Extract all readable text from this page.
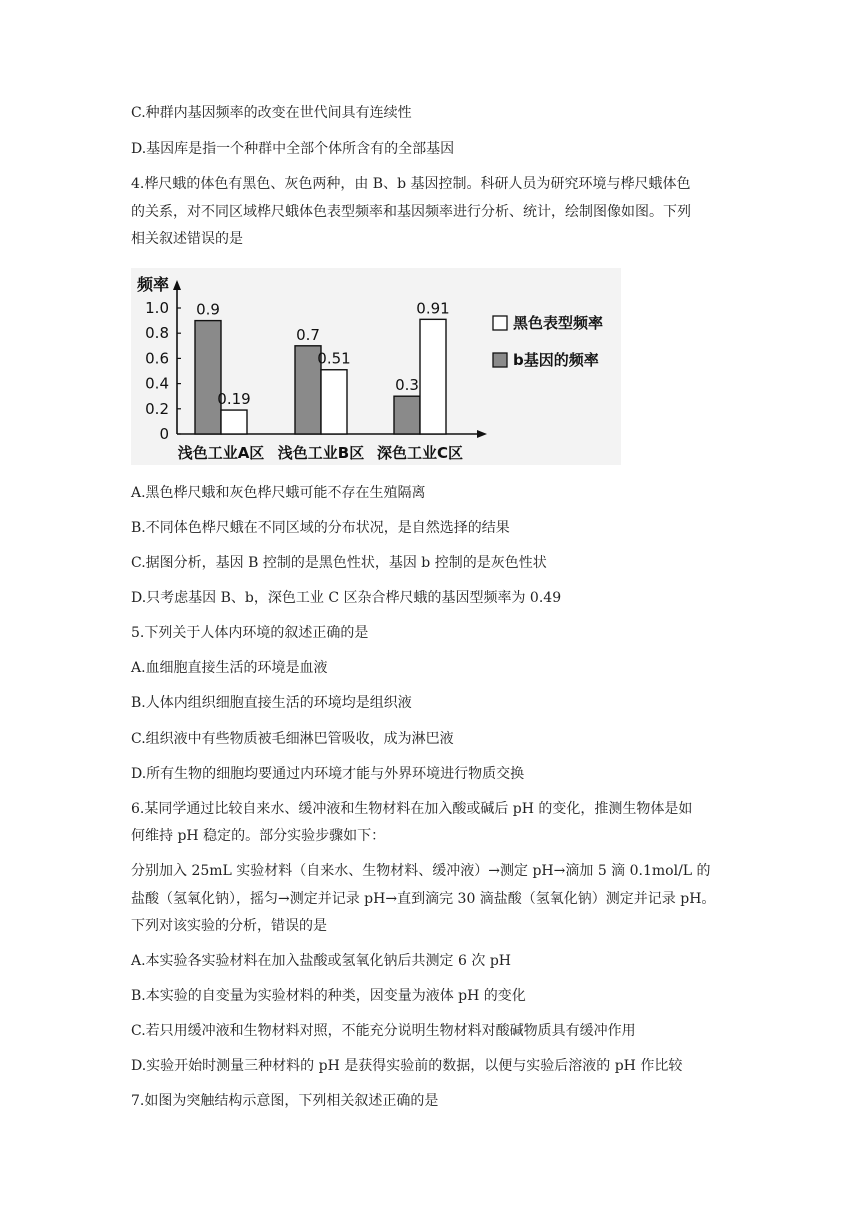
C.种群内基因频率的改变在世代间具有连续性
D.基因库是指一个种群中全部个体所含有的全部基因
4.桦尺蛾的体色有黑色、灰色两种，由 B、b 基因控制。科研人员为研究环境与桦尺蛾体色
的关系，对不同区域桦尺蛾体色表型频率和基因频率进行分析、统计，绘制图像如图。下列
相关叙述错误的是
频率
0
0.2
0.4
0.6
0.8
1.0 0.9
0.19
浅色工业A区
0.7
0.51
浅色工业B区
0.3
0.91
深色工业C区
黑色表型频率
b基因的频率
A.黑色桦尺蛾和灰色桦尺蛾可能不存在生殖隔离
B.不同体色桦尺蛾在不同区域的分布状况，是自然选择的结果
C.据图分析，基因 B 控制的是黑色性状，基因 b 控制的是灰色性状
D.只考虑基因 B、b，深色工业 C 区杂合桦尺蛾的基因型频率为 0.49
5.下列关于人体内环境的叙述正确的是
A.血细胞直接生活的环境是血液
B.人体内组织细胞直接生活的环境均是组织液
C.组织液中有些物质被毛细淋巴管吸收，成为淋巴液
D.所有生物的细胞均要通过内环境才能与外界环境进行物质交换
6.某同学通过比较自来水、缓冲液和生物材料在加入酸或碱后 pH 的变化，推测生物体是如
何维持 pH 稳定的。部分实验步骤如下：
分别加入 25mL 实验材料（自来水、生物材料、缓冲液）→测定 pH→滴加 5 滴 0.1mol/L 的
盐酸（氢氧化钠），摇匀→测定并记录 pH→直到滴完 30 滴盐酸（氢氧化钠）测定并记录 pH。
下列对该实验的分析，错误的是
A.本实验各实验材料在加入盐酸或氢氧化钠后共测定 6 次 pH
B.本实验的自变量为实验材料的种类，因变量为液体 pH 的变化
C.若只用缓冲液和生物材料对照，不能充分说明生物材料对酸碱物质具有缓冲作用
D.实验开始时测量三种材料的 pH 是获得实验前的数据，以便与实验后溶液的 pH 作比较
7.如图为突触结构示意图，下列相关叙述正确的是
